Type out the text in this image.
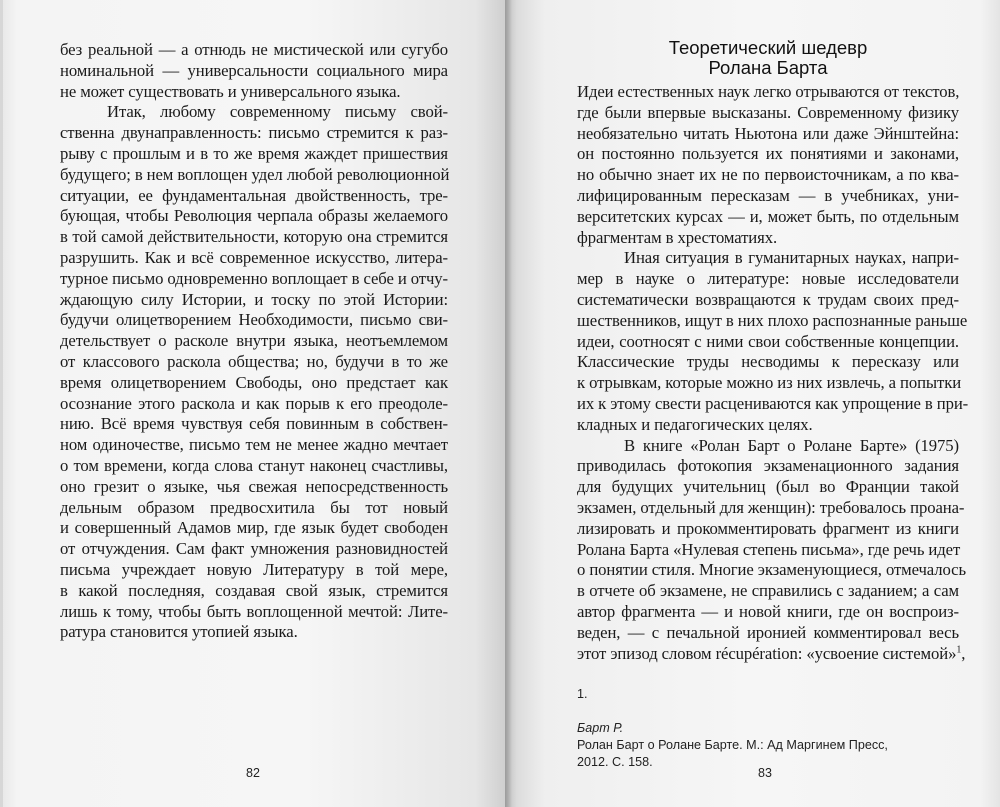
без реальной — а отнюдь не мистической или сугубо
номинальной — универсальности социального мира
не может существовать и универсального языка.
Итак, любому современному письму свой-
ственна двунаправленность: письмо стремится к раз-
рыву с прошлым и в то же время жаждет пришествия
будущего; в нем воплощен удел любой революционной
ситуации, ее фундаментальная двойственность, тре-
бующая, чтобы Революция черпала образы желаемого
в той самой действительности, которую она стремится
разрушить. Как и всё современное искусство, литера-
турное письмо одновременно воплощает в себе и отчу-
ждающую силу Истории, и тоску по этой Истории:
будучи олицетворением Необходимости, письмо сви-
детельствует о расколе внутри языка, неотъемлемом
от классового раскола общества; но, будучи в то же
время олицетворением Свободы, оно предстает как
осознание этого раскола и как порыв к его преодоле-
нию. Всё время чувствуя себя повинным в собствен-
ном одиночестве, письмо тем не менее жадно мечтает
о том времени, когда слова станут наконец счастливы,
оно грезит о языке, чья свежая непосредственность
дельным образом предвосхитила бы тот новый
и совершенный Адамов мир, где язык будет свободен
от отчуждения. Сам факт умножения разновидностей
письма учреждает новую Литературу в той мере,
в какой последняя, создавая свой язык, стремится
лишь к тому, чтобы быть воплощенной мечтой: Лите-
ратура становится утопией языка.
82
Теоретический шедевр
Ролана Барта
Идеи естественных наук легко отрываются от текстов,
где были впервые высказаны. Современному физику
необязательно читать Ньютона или даже Эйнштейна:
он постоянно пользуется их понятиями и законами,
но обычно знает их не по первоисточникам, а по ква-
лифицированным пересказам — в учебниках, уни-
верситетских курсах — и, может быть, по отдельным
фрагментам в хрестоматиях.
Иная ситуация в гуманитарных науках, напри-
мер в науке о литературе: новые исследователи
систематически возвращаются к трудам своих пред-
шественников, ищут в них плохо распознанные раньше
идеи, соотносят с ними свои собственные концепции.
Классические труды несводимы к пересказу или
к отрывкам, которые можно из них извлечь, а попытки
их к этому свести расцениваются как упрощение в при-
кладных и педагогических целях.
В книге «Ролан Барт о Ролане Барте» (1975)
приводилась фотокопия экзаменационного задания
для будущих учительниц (был во Франции такой
экзамен, отдельный для женщин): требовалось проана-
лизировать и прокомментировать фрагмент из книги
Ролана Барта «Нулевая степень письма», где речь идет
о понятии стиля. Многие экзаменующиеся, отмечалось
в отчете об экзамене, не справились с заданием; а сам
автор фрагмента — и новой книги, где он воспроиз-
веден, — с печальной иронией комментировал весь
этот эпизод словом récupération: «усвоение системой»$^1$,
1.

Барт Р.
Ролан Барт о Ролане Барте. М.: Ад Маргинем Пресс,
2012. С. 158.
83
